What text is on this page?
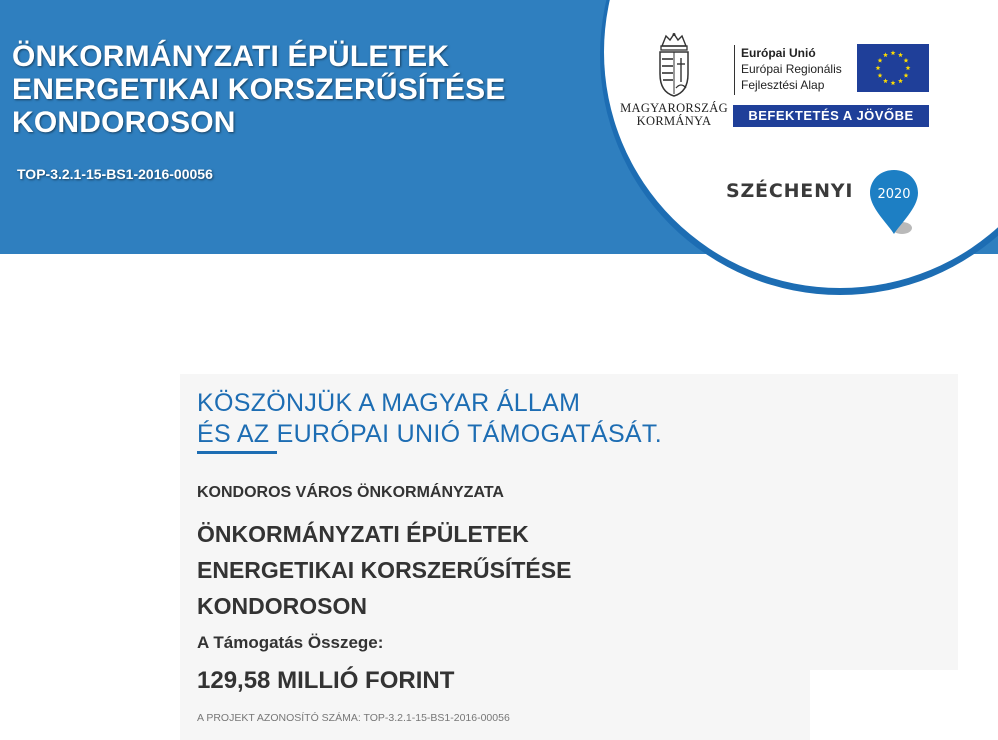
ÖNKORMÁNYZATI ÉPÜLETEK
ENERGETIKAI KORSZERŰSÍTÉSE
KONDOROSON
TOP-3.2.1-15-BS1-2016-00056
MAGYARORSZÁG
KORMÁNYA
Európai Unió
Európai Regionális
Fejlesztési Alap
BEFEKTETÉS A JÖVŐBE
SZÉCHENYI 2020
KÖSZÖNJÜK A MAGYAR ÁLLAM
ÉS AZ EURÓPAI UNIÓ TÁMOGATÁSÁT.
KONDOROS VÁROS ÖNKORMÁNYZATA
ÖNKORMÁNYZATI ÉPÜLETEK
ENERGETIKAI KORSZERŰSÍTÉSE
KONDOROSON
A Támogatás Összege:
129,58 MILLIÓ FORINT
A PROJEKT AZONOSÍTÓ SZÁMA: TOP-3.2.1-15-BS1-2016-00056
